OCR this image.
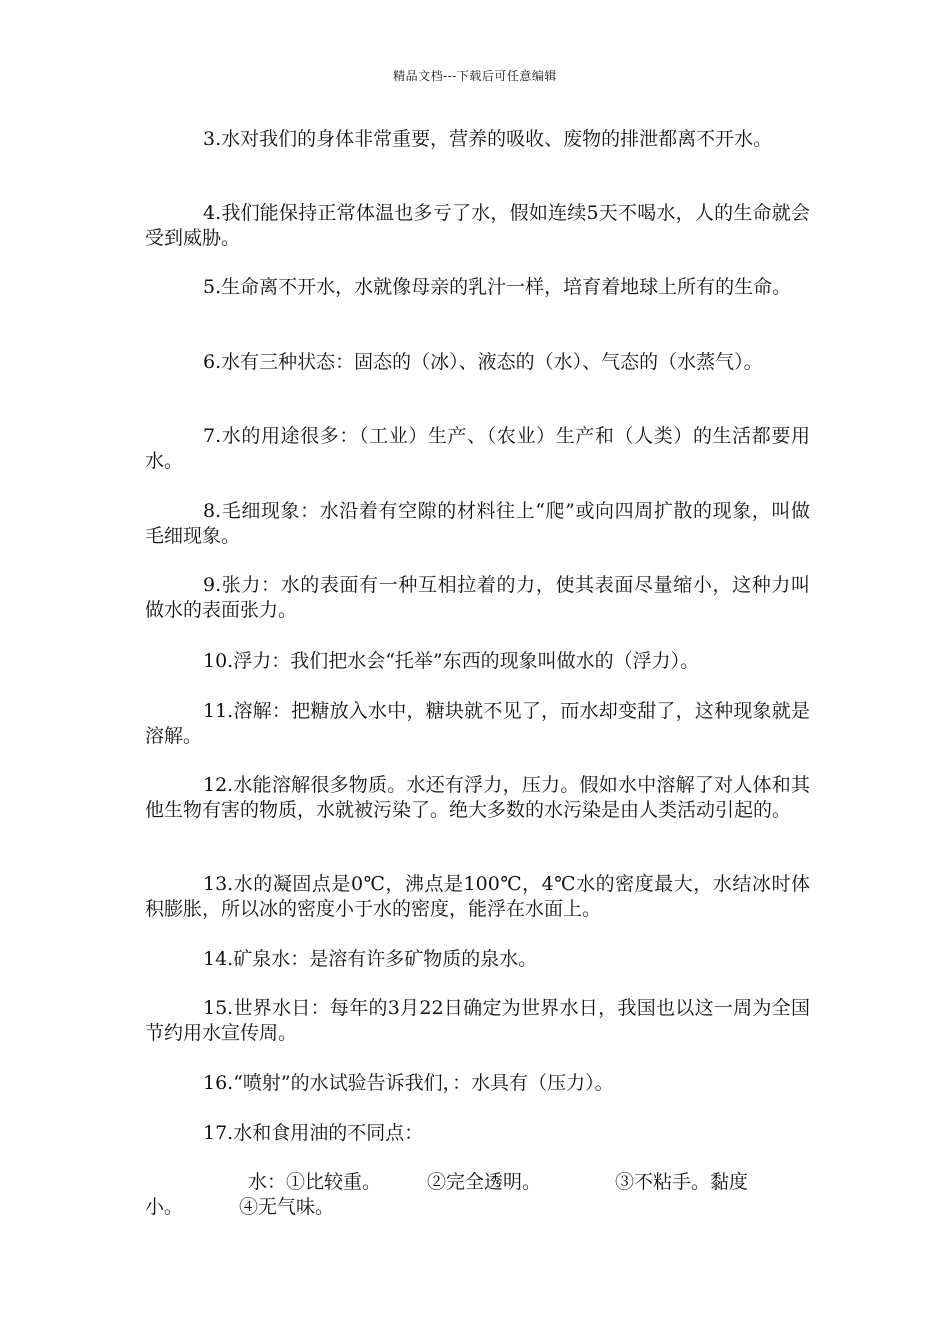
精品文档---下载后可任意编辑

3.水对我们的身体非常重要，营养的吸收、废物的排泄都离不开水。

4.我们能保持正常体温也多亏了水，假如连续5天不喝水，人的生命就会受到威胁。

5.生命离不开水，水就像母亲的乳汁一样，培育着地球上所有的生命。

6.水有三种状态：固态的（冰）、液态的（水）、气态的（水蒸气）。

7.水的用途很多：（工业）生产、（农业）生产和（人类）的生活都要用水。

8.毛细现象：水沿着有空隙的材料往上“爬”或向四周扩散的现象，叫做毛细现象。

9.张力：水的表面有一种互相拉着的力，使其表面尽量缩小，这种力叫做水的表面张力。

10.浮力：我们把水会“托举”东西的现象叫做水的（浮力）。

11.溶解：把糖放入水中，糖块就不见了，而水却变甜了，这种现象就是溶解。

12.水能溶解很多物质。水还有浮力，压力。假如水中溶解了对人体和其他生物有害的物质，水就被污染了。绝大多数的水污染是由人类活动引起的。

13.水的凝固点是0℃，沸点是100℃，4℃水的密度最大，水结冰时体积膨胀，所以冰的密度小于水的密度，能浮在水面上。

14.矿泉水：是溶有许多矿物质的泉水。

15.世界水日：每年的3月22日确定为世界水日，我国也以这一周为全国节约用水宣传周。

16.“喷射”的水试验告诉我们，：水具有（压力）。

17.水和食用油的不同点：

水：①比较重。 ②完全透明。	③不粘手。黏度
小。	④无气味。
